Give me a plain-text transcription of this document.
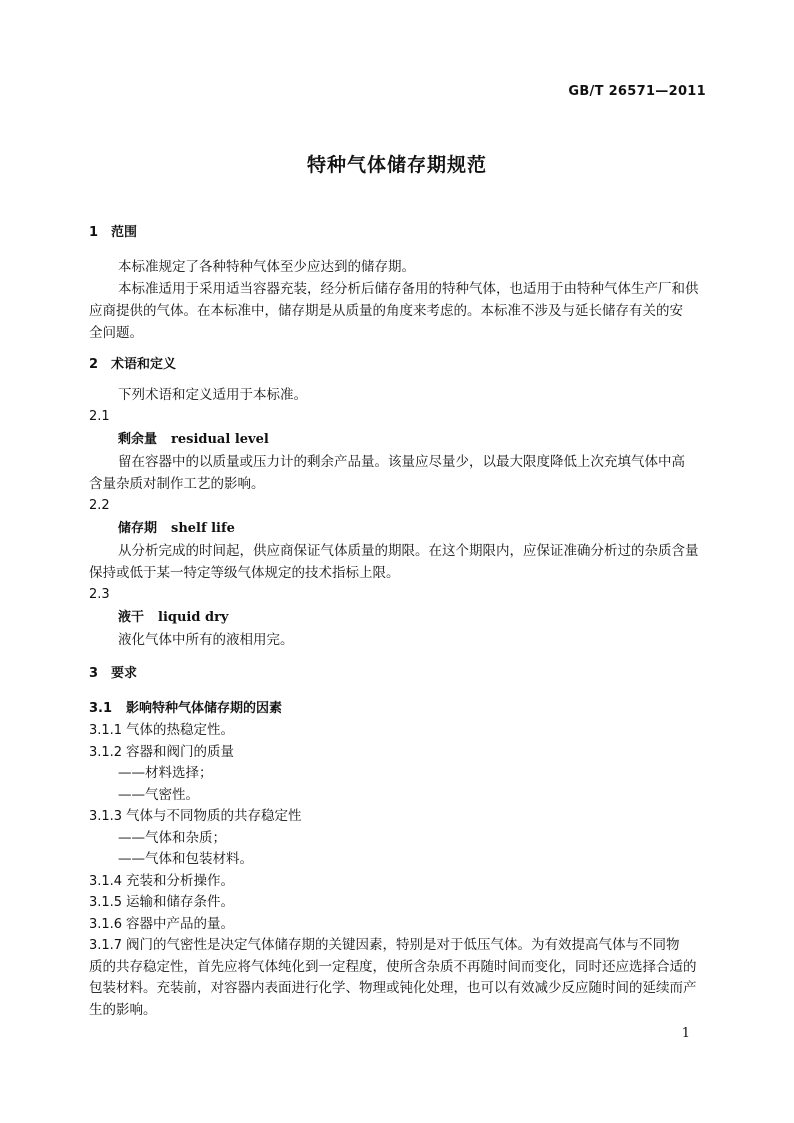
GB/T 26571—2011
特种气体储存期规范
1 范围
本标准规定了各种特种气体至少应达到的储存期。
本标准适用于采用适当容器充装，经分析后储存备用的特种气体，也适用于由特种气体生产厂和供
应商提供的气体。在本标准中，储存期是从质量的角度来考虑的。本标准不涉及与延长储存有关的安
全问题。
2 术语和定义
下列术语和定义适用于本标准。
2.1
剩余量 residual level
留在容器中的以质量或压力计的剩余产品量。该量应尽量少，以最大限度降低上次充填气体中高
含量杂质对制作工艺的影响。
2.2
储存期 shelf life
从分析完成的时间起，供应商保证气体质量的期限。在这个期限内，应保证准确分析过的杂质含量
保持或低于某一特定等级气体规定的技术指标上限。
2.3
液干 liquid dry
液化气体中所有的液相用完。
3 要求
3.1 影响特种气体储存期的因素
3.1.1 气体的热稳定性。
3.1.2 容器和阀门的质量
——材料选择；
——气密性。
3.1.3 气体与不同物质的共存稳定性
——气体和杂质；
——气体和包装材料。
3.1.4 充装和分析操作。
3.1.5 运输和储存条件。
3.1.6 容器中产品的量。
3.1.7 阀门的气密性是决定气体储存期的关键因素，特别是对于低压气体。为有效提高气体与不同物
质的共存稳定性，首先应将气体纯化到一定程度，使所含杂质不再随时间而变化，同时还应选择合适的
包装材料。充装前，对容器内表面进行化学、物理或钝化处理，也可以有效减少反应随时间的延续而产
生的影响。
1
